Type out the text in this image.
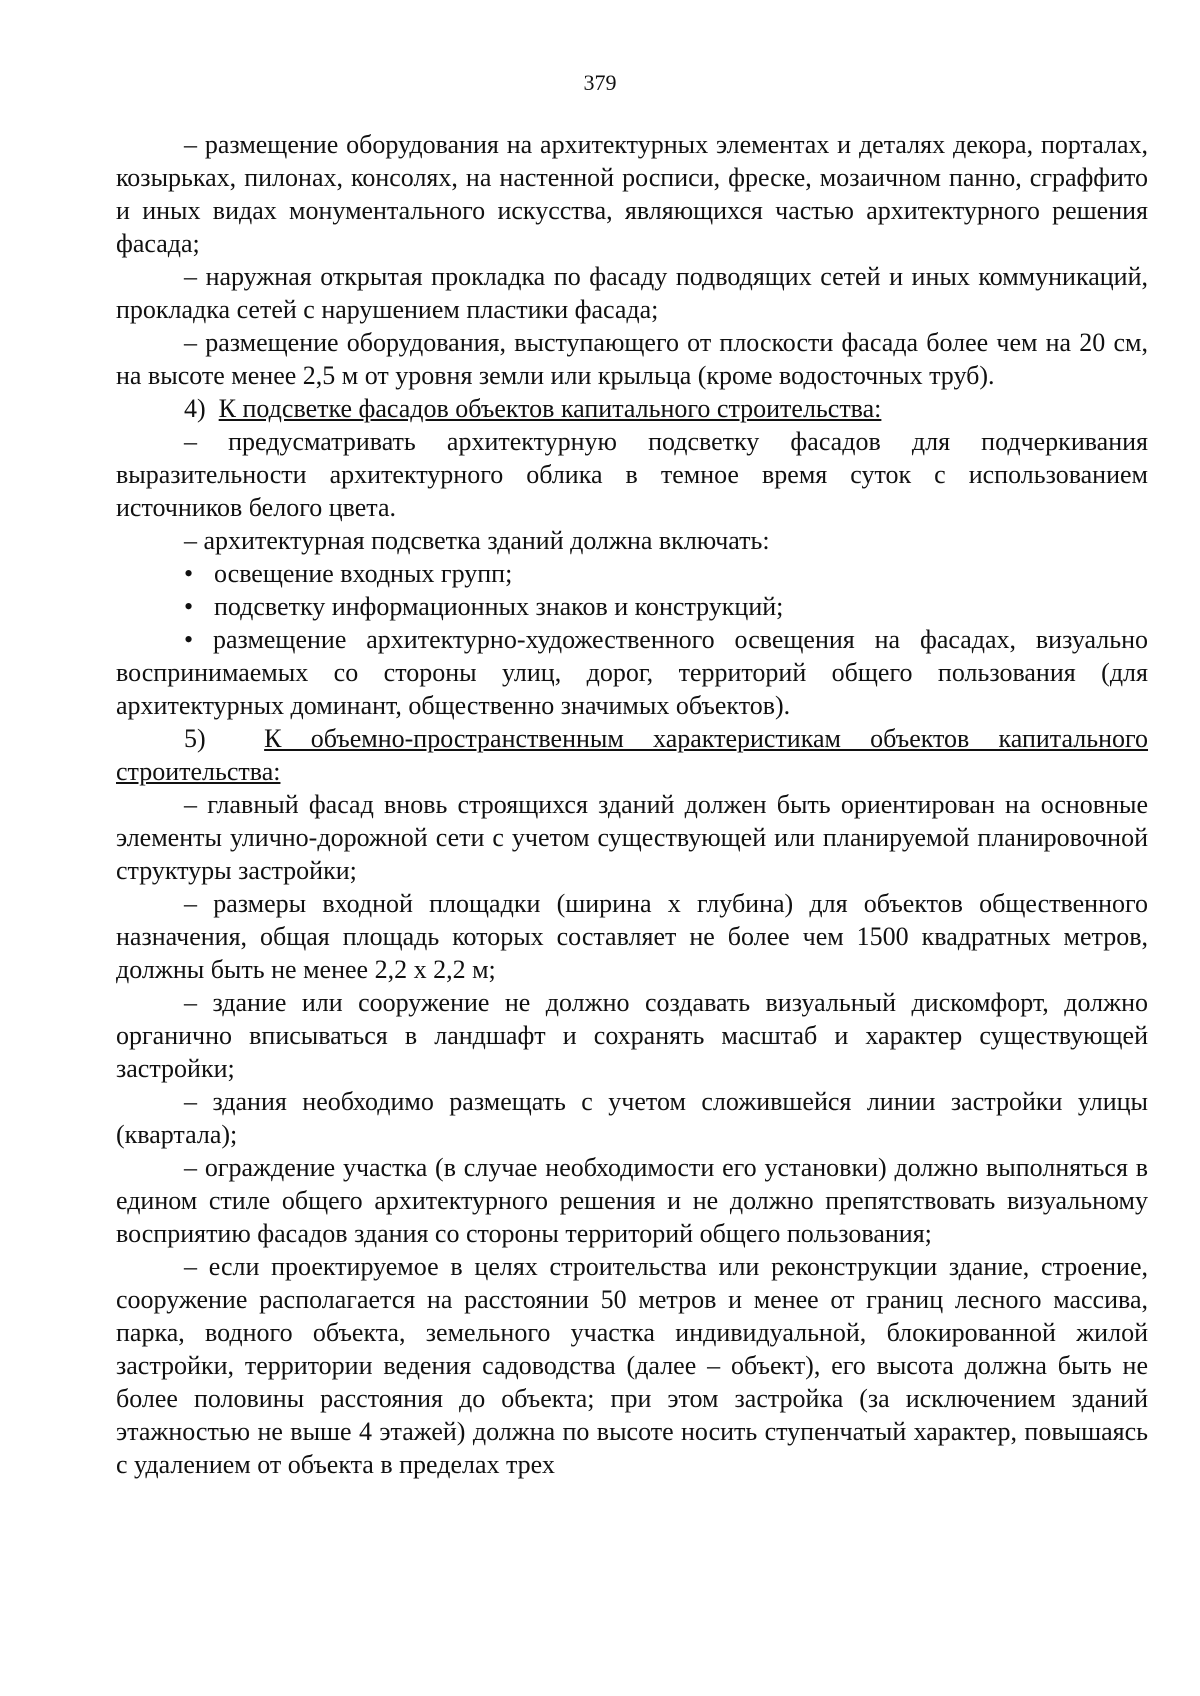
379

– размещение оборудования на архитектурных элементах и деталях декора, порталах, козырьках, пилонах, консолях, на настенной росписи, фреске, мозаичном панно, сграффито и иных видах монументального искусства, являющихся частью архитектурного решения фасада;

– наружная открытая прокладка по фасаду подводящих сетей и иных коммуникаций, прокладка сетей с нарушением пластики фасада;

– размещение оборудования, выступающего от плоскости фасада более чем на 20 см, на высоте менее 2,5 м от уровня земли или крыльца (кроме водосточных труб).

4) К подсветке фасадов объектов капитального строительства:

– предусматривать архитектурную подсветку фасадов для подчеркивания выразительности архитектурного облика в темное время суток с использованием источников белого цвета.

– архитектурная подсветка зданий должна включать:

• освещение входных групп;

• подсветку информационных знаков и конструкций;

• размещение архитектурно-художественного освещения на фасадах, визуально воспринимаемых со стороны улиц, дорог, территорий общего пользования (для архитектурных доминант, общественно значимых объектов).

5) К объемно-пространственным характеристикам объектов капитального строительства:

– главный фасад вновь строящихся зданий должен быть ориентирован на основные элементы улично-дорожной сети с учетом существующей или планируемой планировочной структуры застройки;

– размеры входной площадки (ширина х глубина) для объектов общественного назначения, общая площадь которых составляет не более чем 1500 квадратных метров, должны быть не менее 2,2 х 2,2 м;

– здание или сооружение не должно создавать визуальный дискомфорт, должно органично вписываться в ландшафт и сохранять масштаб и характер существующей застройки;

– здания необходимо размещать с учетом сложившейся линии застройки улицы (квартала);

– ограждение участка (в случае необходимости его установки) должно выполняться в едином стиле общего архитектурного решения и не должно препятствовать визуальному восприятию фасадов здания со стороны территорий общего пользования;

– если проектируемое в целях строительства или реконструкции здание, строение, сооружение располагается на расстоянии 50 метров и менее от границ лесного массива, парка, водного объекта, земельного участка индивидуальной, блокированной жилой застройки, территории ведения садоводства (далее – объект), его высота должна быть не более половины расстояния до объекта; при этом застройка (за исключением зданий этажностью не выше 4 этажей) должна по высоте носить ступенчатый характер, повышаясь с удалением от объекта в пределах трех
